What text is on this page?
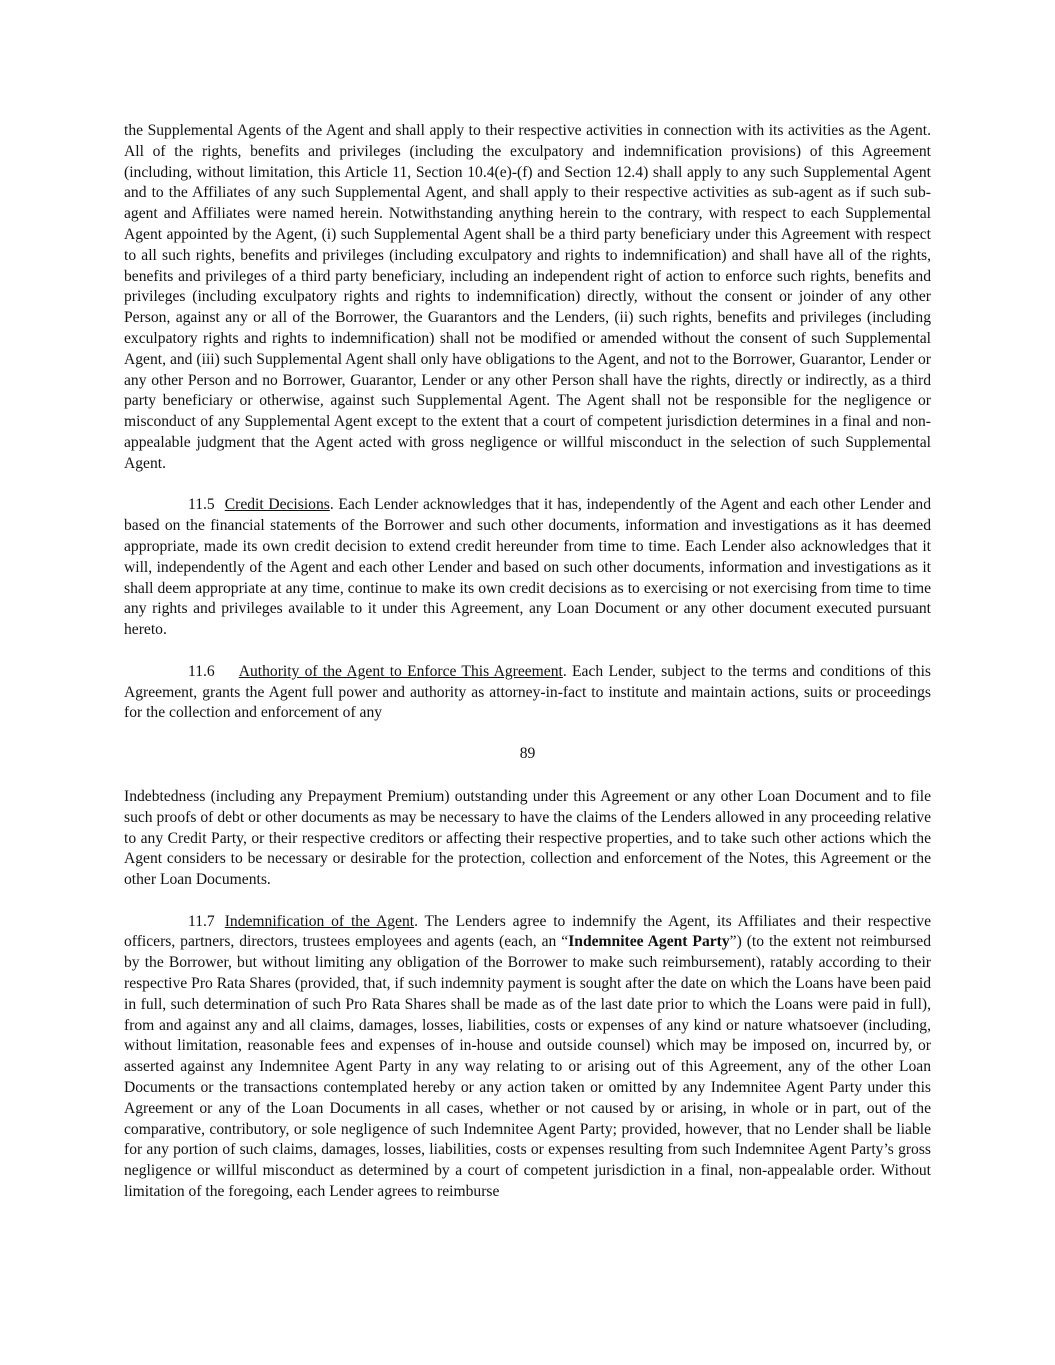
the Supplemental Agents of the Agent and shall apply to their respective activities in connection with its activities as the Agent. All of the rights, benefits and privileges (including the exculpatory and indemnification provisions) of this Agreement (including, without limitation, this Article 11, Section 10.4(e)-(f) and Section 12.4) shall apply to any such Supplemental Agent and to the Affiliates of any such Supplemental Agent, and shall apply to their respective activities as sub-agent as if such sub-agent and Affiliates were named herein. Notwithstanding anything herein to the contrary, with respect to each Supplemental Agent appointed by the Agent, (i) such Supplemental Agent shall be a third party beneficiary under this Agreement with respect to all such rights, benefits and privileges (including exculpatory and rights to indemnification) and shall have all of the rights, benefits and privileges of a third party beneficiary, including an independent right of action to enforce such rights, benefits and privileges (including exculpatory rights and rights to indemnification) directly, without the consent or joinder of any other Person, against any or all of the Borrower, the Guarantors and the Lenders, (ii) such rights, benefits and privileges (including exculpatory rights and rights to indemnification) shall not be modified or amended without the consent of such Supplemental Agent, and (iii) such Supplemental Agent shall only have obligations to the Agent, and not to the Borrower, Guarantor, Lender or any other Person and no Borrower, Guarantor, Lender or any other Person shall have the rights, directly or indirectly, as a third party beneficiary or otherwise, against such Supplemental Agent. The Agent shall not be responsible for the negligence or misconduct of any Supplemental Agent except to the extent that a court of competent jurisdiction determines in a final and non-appealable judgment that the Agent acted with gross negligence or willful misconduct in the selection of such Supplemental Agent.

11.5 Credit Decisions. Each Lender acknowledges that it has, independently of the Agent and each other Lender and based on the financial statements of the Borrower and such other documents, information and investigations as it has deemed appropriate, made its own credit decision to extend credit hereunder from time to time. Each Lender also acknowledges that it will, independently of the Agent and each other Lender and based on such other documents, information and investigations as it shall deem appropriate at any time, continue to make its own credit decisions as to exercising or not exercising from time to time any rights and privileges available to it under this Agreement, any Loan Document or any other document executed pursuant hereto.

11.6 Authority of the Agent to Enforce This Agreement. Each Lender, subject to the terms and conditions of this Agreement, grants the Agent full power and authority as attorney-in-fact to institute and maintain actions, suits or proceedings for the collection and enforcement of any

89

Indebtedness (including any Prepayment Premium) outstanding under this Agreement or any other Loan Document and to file such proofs of debt or other documents as may be necessary to have the claims of the Lenders allowed in any proceeding relative to any Credit Party, or their respective creditors or affecting their respective properties, and to take such other actions which the Agent considers to be necessary or desirable for the protection, collection and enforcement of the Notes, this Agreement or the other Loan Documents.

11.7 Indemnification of the Agent. The Lenders agree to indemnify the Agent, its Affiliates and their respective officers, partners, directors, trustees employees and agents (each, an “Indemnitee Agent Party”) (to the extent not reimbursed by the Borrower, but without limiting any obligation of the Borrower to make such reimbursement), ratably according to their respective Pro Rata Shares (provided, that, if such indemnity payment is sought after the date on which the Loans have been paid in full, such determination of such Pro Rata Shares shall be made as of the last date prior to which the Loans were paid in full), from and against any and all claims, damages, losses, liabilities, costs or expenses of any kind or nature whatsoever (including, without limitation, reasonable fees and expenses of in-house and outside counsel) which may be imposed on, incurred by, or asserted against any Indemnitee Agent Party in any way relating to or arising out of this Agreement, any of the other Loan Documents or the transactions contemplated hereby or any action taken or omitted by any Indemnitee Agent Party under this Agreement or any of the Loan Documents in all cases, whether or not caused by or arising, in whole or in part, out of the comparative, contributory, or sole negligence of such Indemnitee Agent Party; provided, however, that no Lender shall be liable for any portion of such claims, damages, losses, liabilities, costs or expenses resulting from such Indemnitee Agent Party’s gross negligence or willful misconduct as determined by a court of competent jurisdiction in a final, non-appealable order. Without limitation of the foregoing, each Lender agrees to reimburse
